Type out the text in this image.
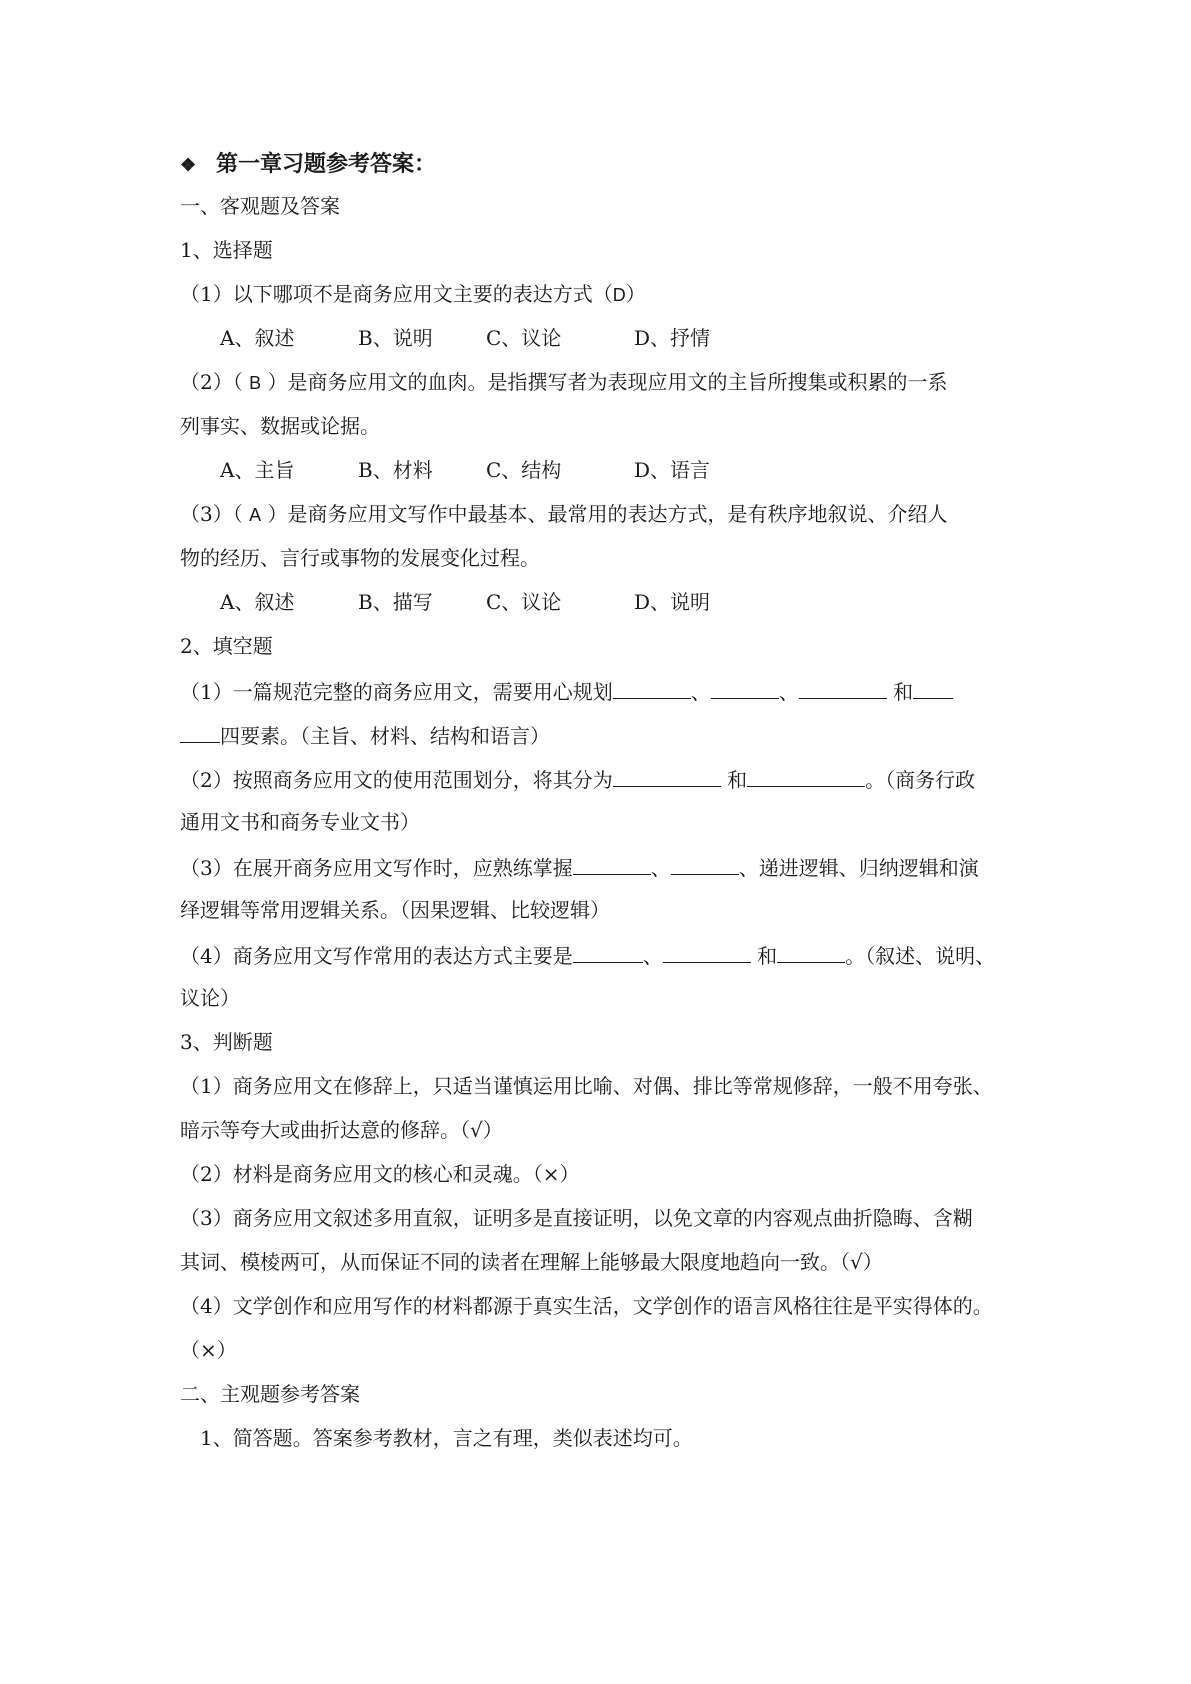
❖ 第一章习题参考答案：
一、客观题及答案
1、选择题
（1）以下哪项不是商务应用文主要的表达方式（D）
A、叙述	B、说明	C、议论	D、抒情
（2）（ B ）是商务应用文的血肉。是指撰写者为表现应用文的主旨所搜集或积累的一系
列事实、数据或论据。
A、主旨	B、材料	C、结构	D、语言
（3）（ A ）是商务应用文写作中最基本、最常用的表达方式，是有秩序地叙说、介绍人
物的经历、言行或事物的发展变化过程。
A、叙述	B、描写	C、议论	D、说明
2、填空题
（1）一篇规范完整的商务应用文，需要用心规划	、	、	和
四要素。（主旨、材料、结构和语言）
（2）按照商务应用文的使用范围划分，将其分为	和	。（商务行政
通用文书和商务专业文书）
（3）在展开商务应用文写作时，应熟练掌握	、	、递进逻辑、归纳逻辑和演
绎逻辑等常用逻辑关系。（因果逻辑、比较逻辑）
（4）商务应用文写作常用的表达方式主要是	、	和	。（叙述、说明、
议论）
3、判断题
（1）商务应用文在修辞上，只适当谨慎运用比喻、对偶、排比等常规修辞，一般不用夸张、
暗示等夸大或曲折达意的修辞。（√）
（2）材料是商务应用文的核心和灵魂。（×）
（3）商务应用文叙述多用直叙，证明多是直接证明，以免文章的内容观点曲折隐晦、含糊
其词、模棱两可，从而保证不同的读者在理解上能够最大限度地趋向一致。（√）
（4）文学创作和应用写作的材料都源于真实生活，文学创作的语言风格往往是平实得体的。
（×）
二、主观题参考答案
1、简答题。答案参考教材，言之有理，类似表述均可。
